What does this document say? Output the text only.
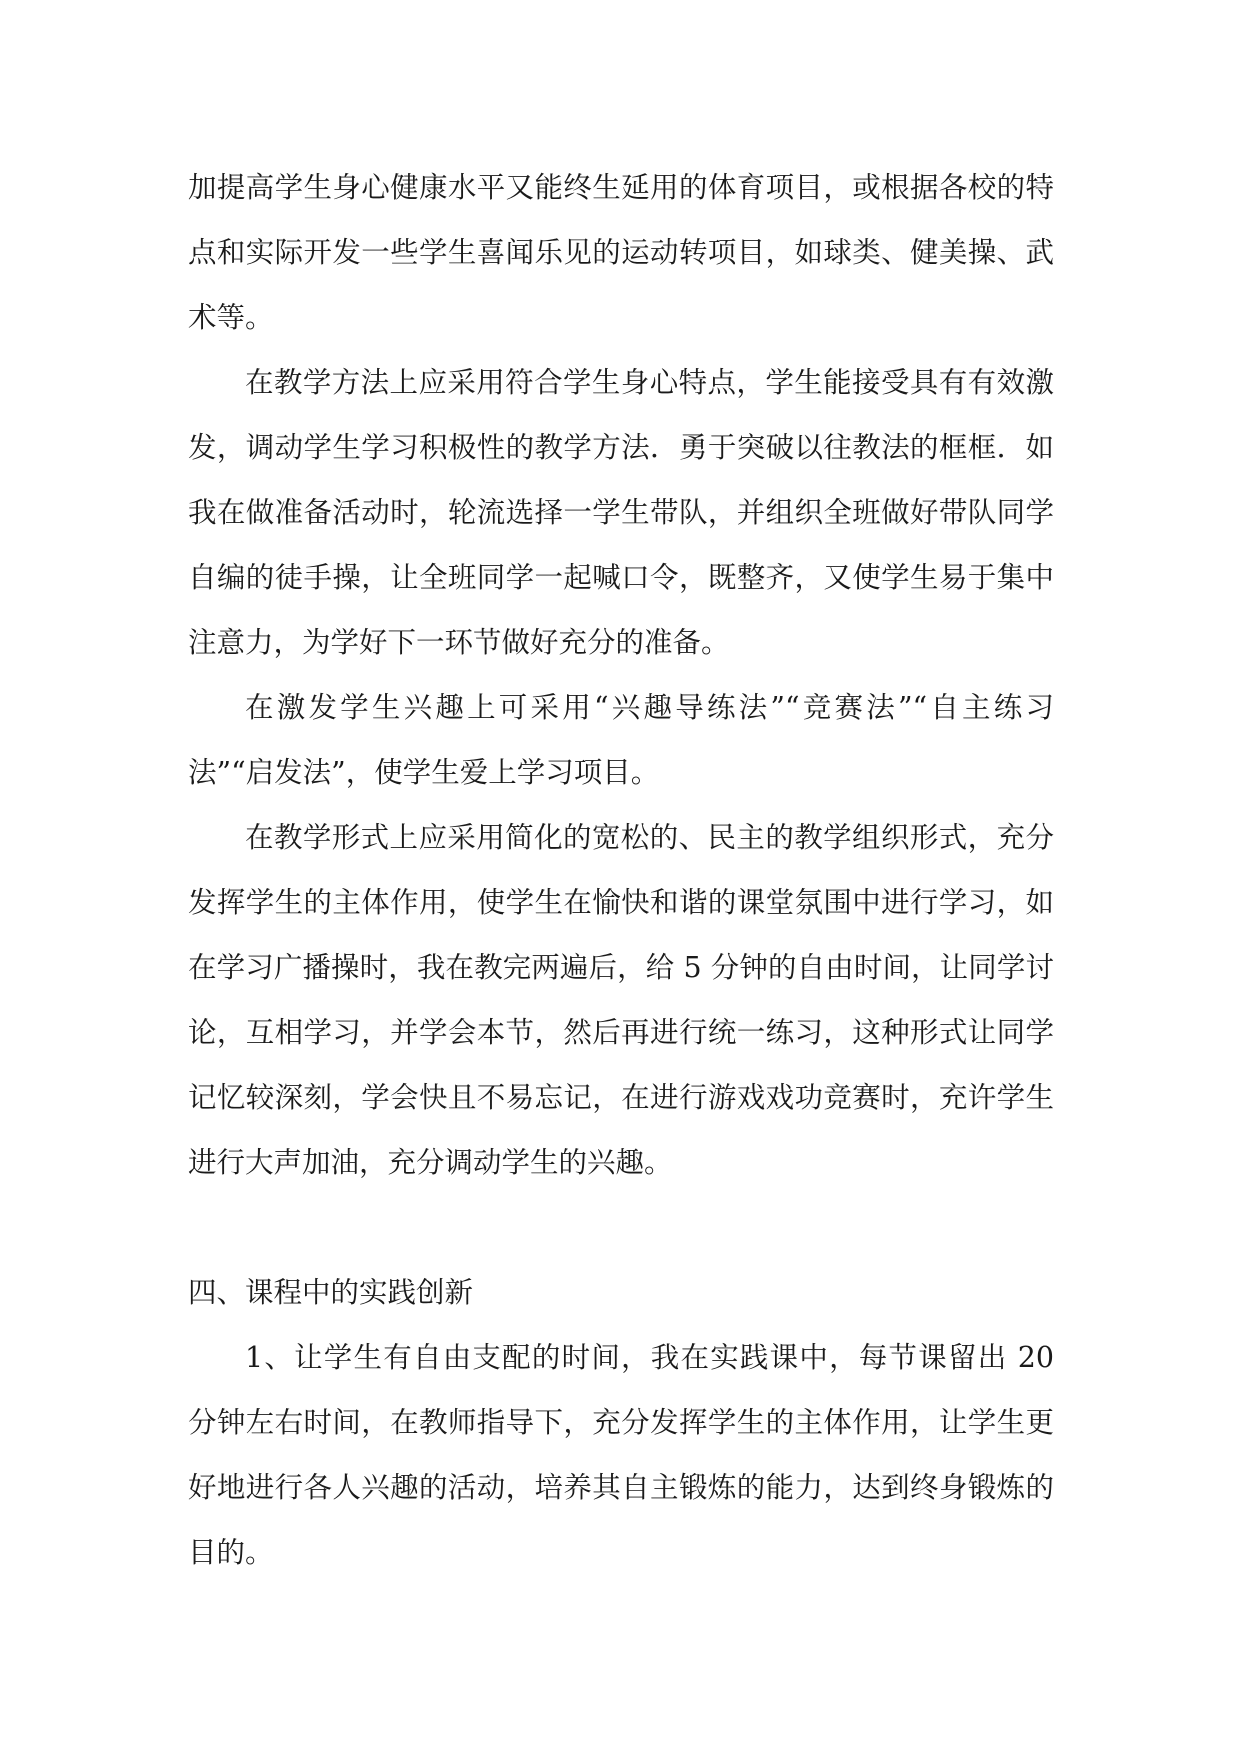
加提高学生身心健康水平又能终生延用的体育项目，或根据各校的特点和实际开发一些学生喜闻乐见的运动转项目，如球类、健美操、武术等。

在教学方法上应采用符合学生身心特点，学生能接受具有有效激发，调动学生学习积极性的教学方法．勇于突破以往教法的框框．如我在做准备活动时，轮流选择一学生带队，并组织全班做好带队同学自编的徒手操，让全班同学一起喊口令，既整齐，又使学生易于集中注意力，为学好下一环节做好充分的准备。

在激发学生兴趣上可采用“兴趣导练法”“竞赛法”“自主练习法”“启发法”，使学生爱上学习项目。

在教学形式上应采用简化的宽松的、民主的教学组织形式，充分发挥学生的主体作用，使学生在愉快和谐的课堂氛围中进行学习，如在学习广播操时，我在教完两遍后，给 5 分钟的自由时间，让同学讨论，互相学习，并学会本节，然后再进行统一练习，这种形式让同学记忆较深刻，学会快且不易忘记，在进行游戏戏功竞赛时，充许学生进行大声加油，充分调动学生的兴趣。

四、课程中的实践创新

1、让学生有自由支配的时间，我在实践课中，每节课留出 20 分钟左右时间，在教师指导下，充分发挥学生的主体作用，让学生更好地进行各人兴趣的活动，培养其自主锻炼的能力，达到终身锻炼的目的。
